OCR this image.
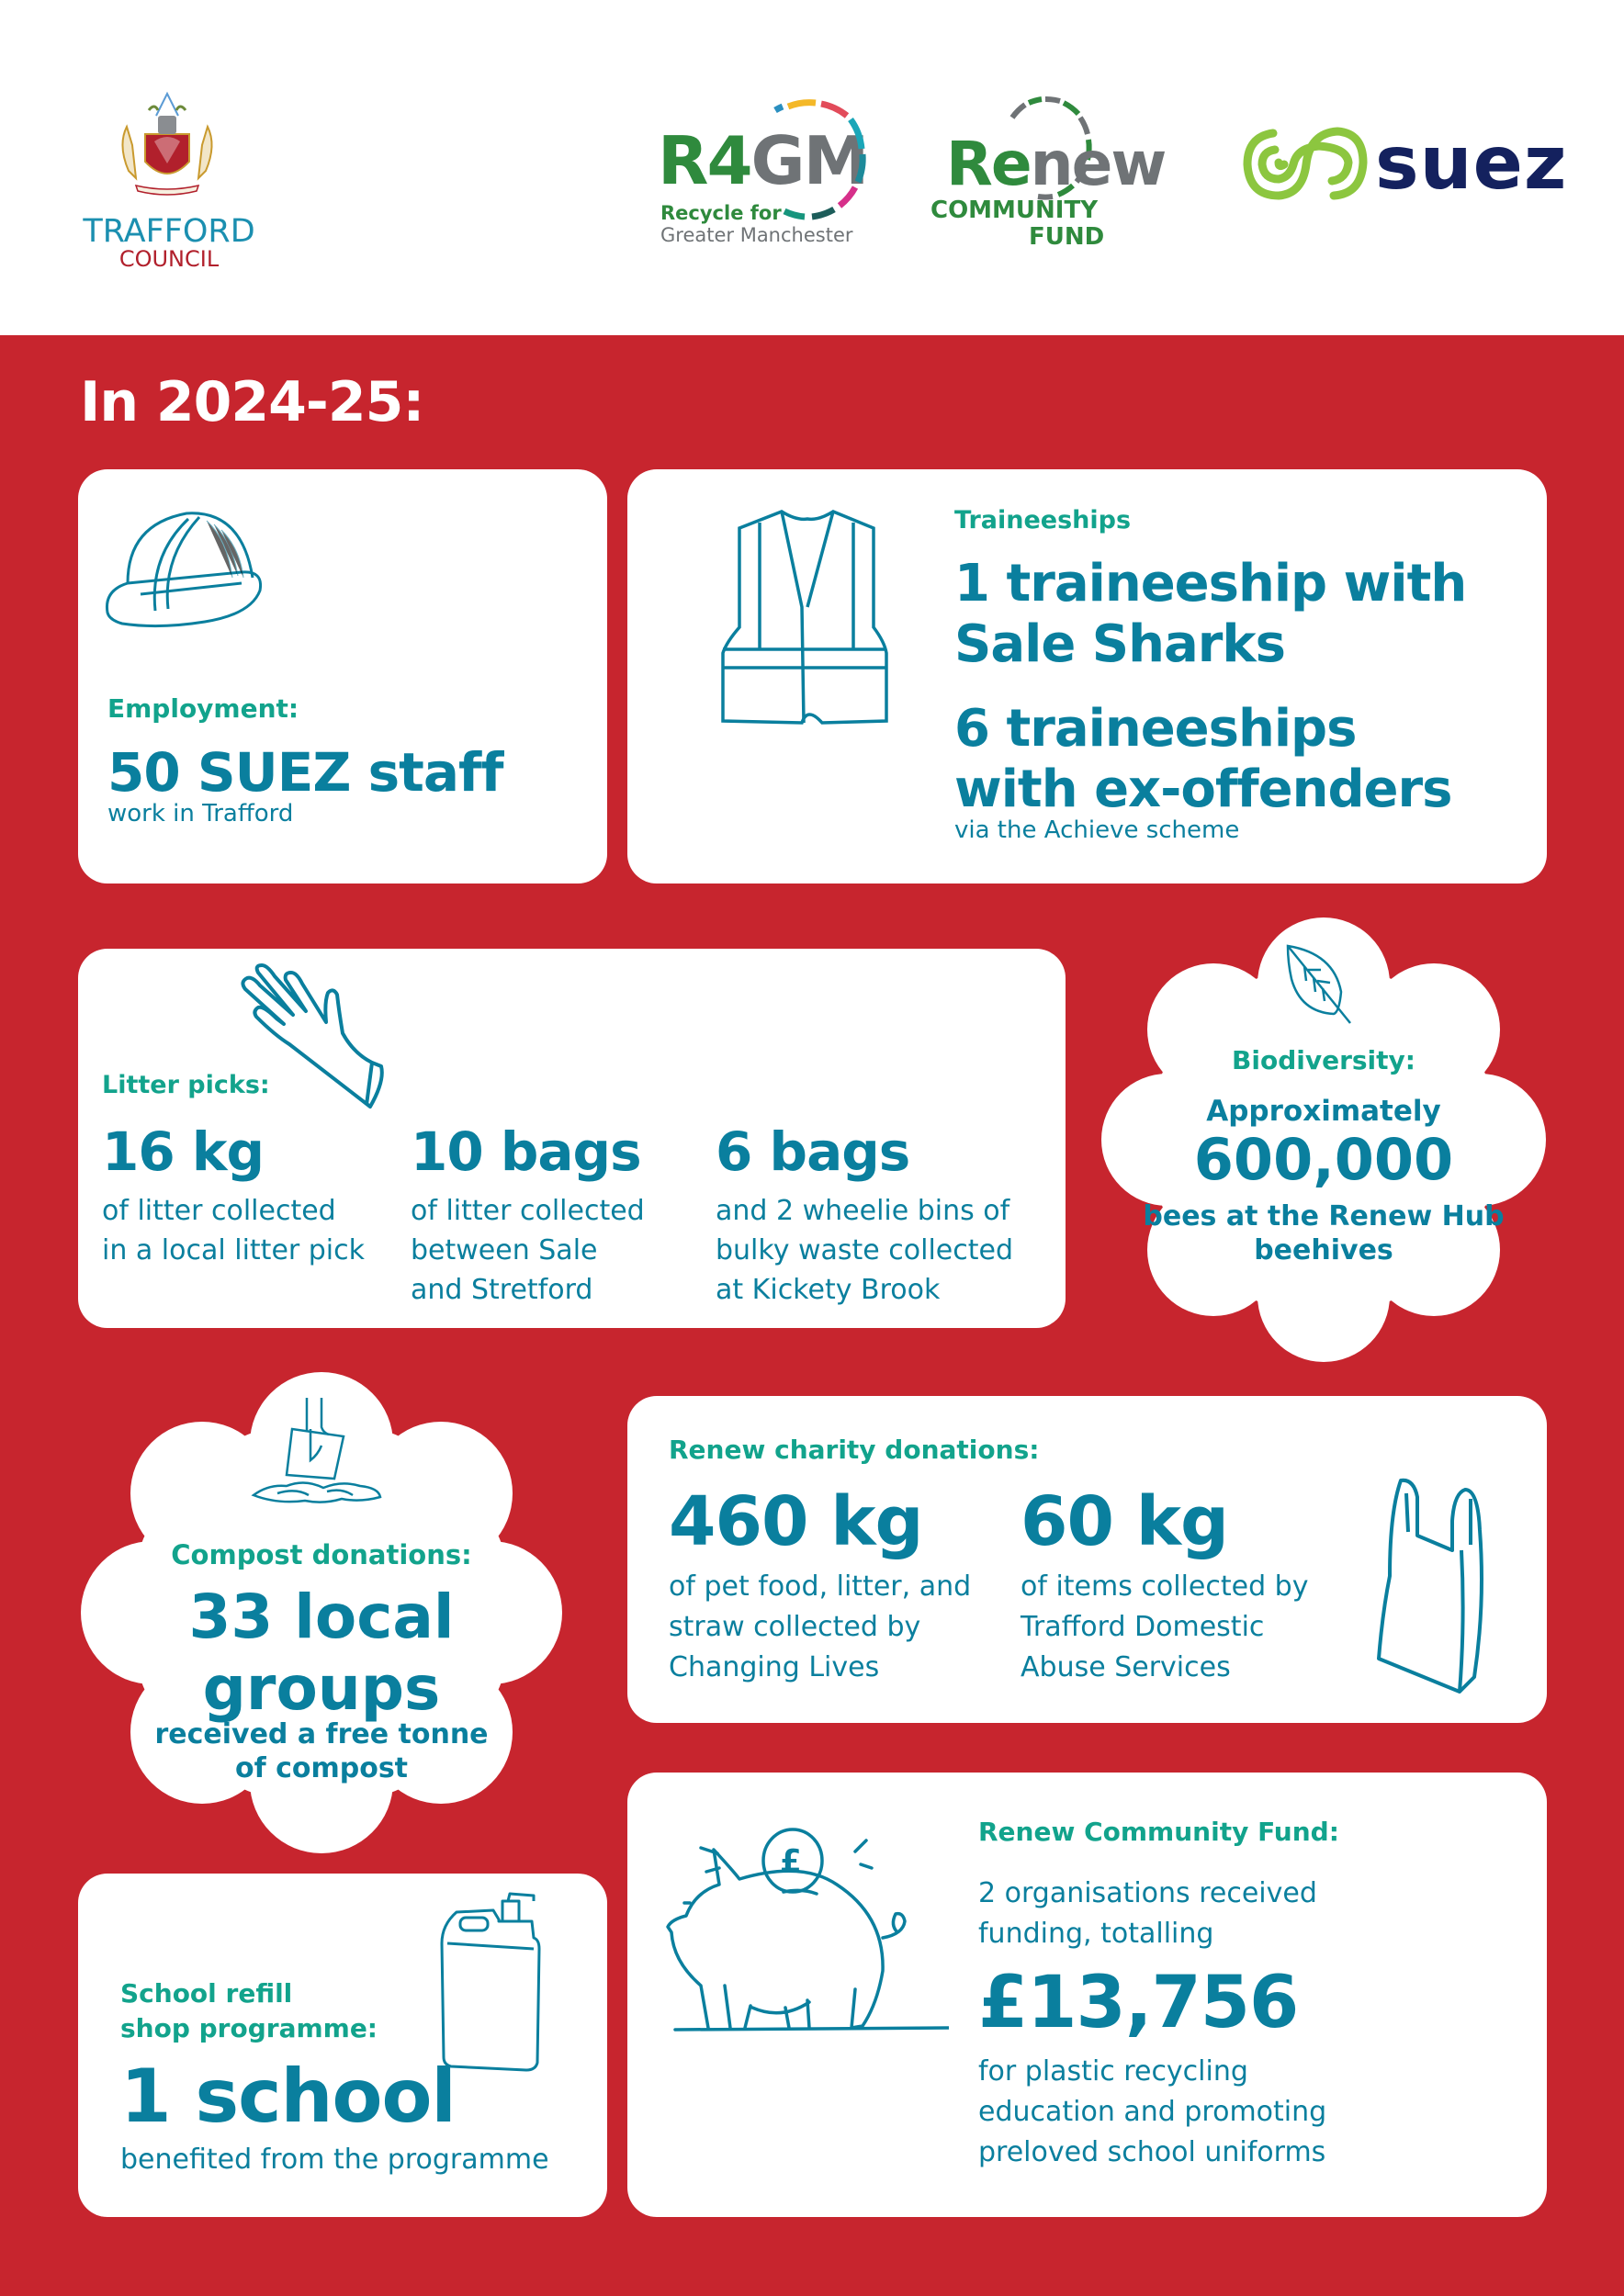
TRAFFORD
COUNCIL
R4GM
Recycle for
Greater Manchester
Renew
COMMUNITY
FUND
suez
In 2024-25:
Employment:
50 SUEZ staff
work in Trafford
Traineeships
1 traineeship with
Sale Sharks
6 traineeships
with ex-offenders
via the Achieve scheme
Litter picks:
16 kg
of litter collected
in a local litter pick
10 bags
of litter collected
between Sale
and Stretford
6 bags
and 2 wheelie bins of
bulky waste collected
at Kickety Brook
Biodiversity:
Approximately
600,000
bees at the Renew Hub
beehives
Compost donations:
33 local
groups
received a free tonne
of compost
Renew charity donations:
460 kg
of pet food, litter, and
straw collected by
Changing Lives
60 kg
of items collected by
Trafford Domestic
Abuse Services
School refill
shop programme:
1 school
benefited from the programme
£
Renew Community Fund:
2 organisations received
funding, totalling
£13,756
for plastic recycling
education and promoting
preloved school uniforms
